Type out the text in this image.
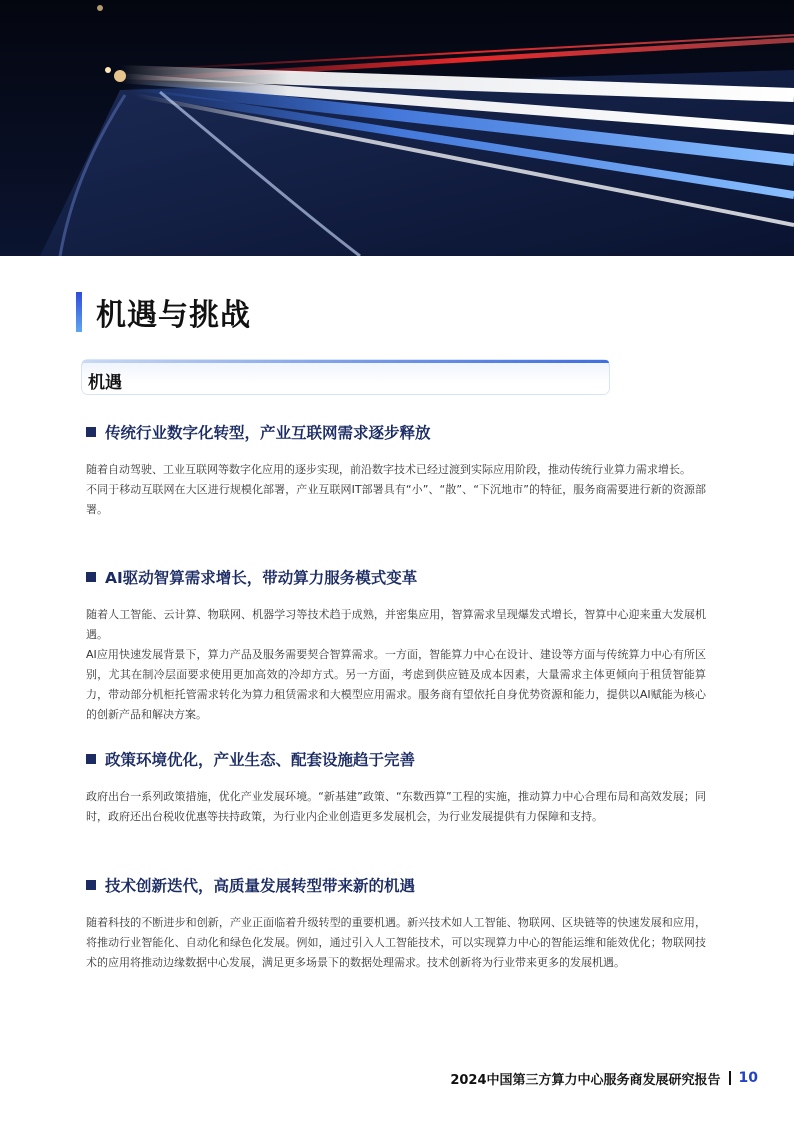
机遇与挑战
机遇
传统行业数字化转型，产业互联网需求逐步释放

随着自动驾驶、工业互联网等数字化应用的逐步实现，前沿数字技术已经过渡到实际应用阶段，推动传统行业算力需求增长。

不同于移动互联网在大区进行规模化部署，产业互联网IT部署具有“小”、“散”、“下沉地市”的特征，服务商需要进行新的资源部署。

AI驱动智算需求增长，带动算力服务模式变革

随着人工智能、云计算、物联网、机器学习等技术趋于成熟，并密集应用，智算需求呈现爆发式增长，智算中心迎来重大发展机遇。

AI应用快速发展背景下，算力产品及服务需要契合智算需求。一方面，智能算力中心在设计、建设等方面与传统算力中心有所区别，尤其在制冷层面要求使用更加高效的冷却方式。另一方面，考虑到供应链及成本因素，大量需求主体更倾向于租赁智能算力，带动部分机柜托管需求转化为算力租赁需求和大模型应用需求。服务商有望依托自身优势资源和能力，提供以AI赋能为核心的创新产品和解决方案。

政策环境优化，产业生态、配套设施趋于完善

政府出台一系列政策措施，优化产业发展环境。“新基建”政策、“东数西算”工程的实施，推动算力中心合理布局和高效发展；同时，政府还出台税收优惠等扶持政策，为行业内企业创造更多发展机会，为行业发展提供有力保障和支持。

技术创新迭代，高质量发展转型带来新的机遇

随着科技的不断进步和创新，产业正面临着升级转型的重要机遇。新兴技术如人工智能、物联网、区块链等的快速发展和应用，将推动行业智能化、自动化和绿色化发展。例如，通过引入人工智能技术，可以实现算力中心的智能运维和能效优化；物联网技术的应用将推动边缘数据中心发展，满足更多场景下的数据处理需求。技术创新将为行业带来更多的发展机遇。

2024中国第三方算力中心服务商发展研究报告 10
